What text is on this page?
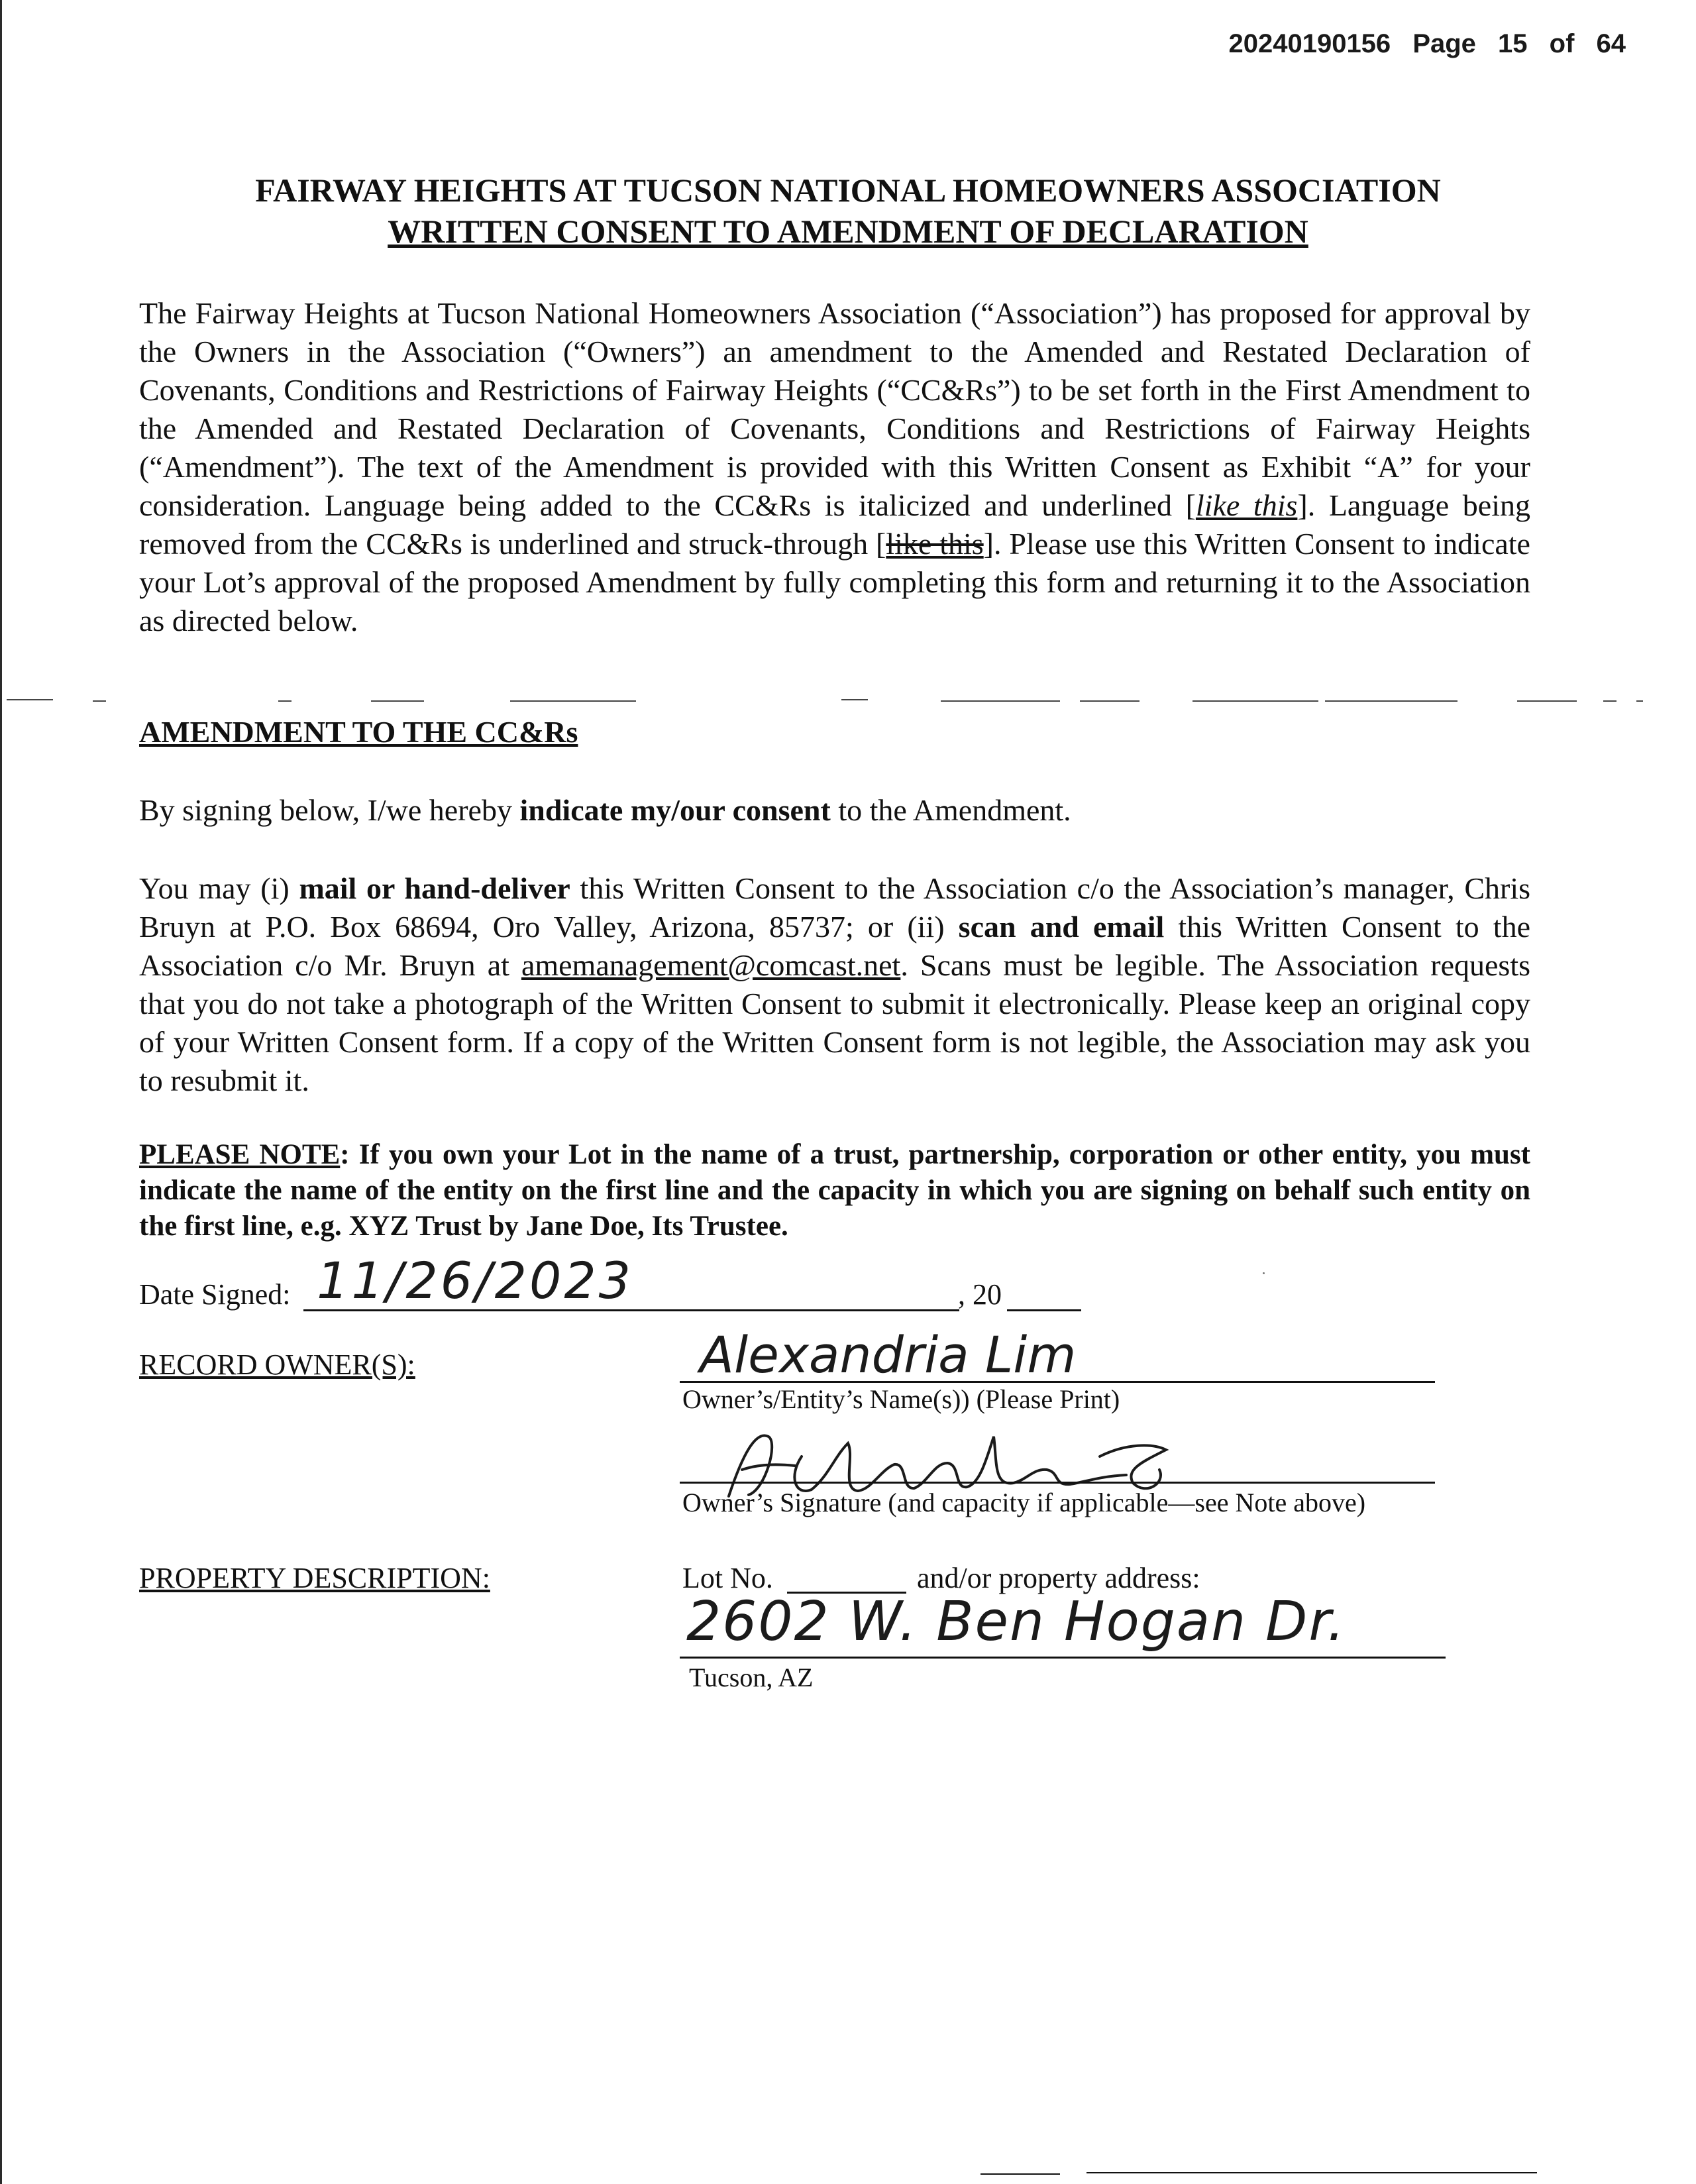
20240190156 Page 15 of 64
FAIRWAY HEIGHTS AT TUCSON NATIONAL HOMEOWNERS ASSOCIATION
WRITTEN CONSENT TO AMENDMENT OF DECLARATION
The Fairway Heights at Tucson National Homeowners Association (“Association”) has proposed for approval by the Owners in the Association (“Owners”) an amendment to the Amended and Restated Declaration of Covenants, Conditions and Restrictions of Fairway Heights (“CC&Rs”) to be set forth in the First Amendment to the Amended and Restated Declaration of Covenants, Conditions and Restrictions of Fairway Heights (“Amendment”). The text of the Amendment is provided with this Written Consent as Exhibit “A” for your consideration. Language being added to the CC&Rs is italicized and underlined [like this]. Language being removed from the CC&Rs is underlined and struck-through [like this]. Please use this Written Consent to indicate your Lot’s approval of the proposed Amendment by fully completing this form and returning it to the Association as directed below.
AMENDMENT TO THE CC&Rs
By signing below, I/we hereby indicate my/our consent to the Amendment.
You may (i) mail or hand-deliver this Written Consent to the Association c/o the Association’s manager, Chris Bruyn at P.O. Box 68694, Oro Valley, Arizona, 85737; or (ii) scan and email this Written Consent to the Association c/o Mr. Bruyn at amemanagement@comcast.net. Scans must be legible. The Association requests that you do not take a photograph of the Written Consent to submit it electronically. Please keep an original copy of your Written Consent form. If a copy of the Written Consent form is not legible, the Association may ask you to resubmit it.
PLEASE NOTE: If you own your Lot in the name of a trust, partnership, corporation or other entity, you must indicate the name of the entity on the first line and the capacity in which you are signing on behalf such entity on the first line, e.g. XYZ Trust by Jane Doe, Its Trustee.
Date Signed: 11/26/2023	, 20
RECORD OWNER(S):	Alexandria Lim
Owner’s/Entity’s Name(s)) (Please Print)
Owner’s Signature (and capacity if applicable—see Note above)
PROPERTY DESCRIPTION:	Lot No.	and/or property address:
2602 W. Ben Hogan Dr.
Tucson, AZ
